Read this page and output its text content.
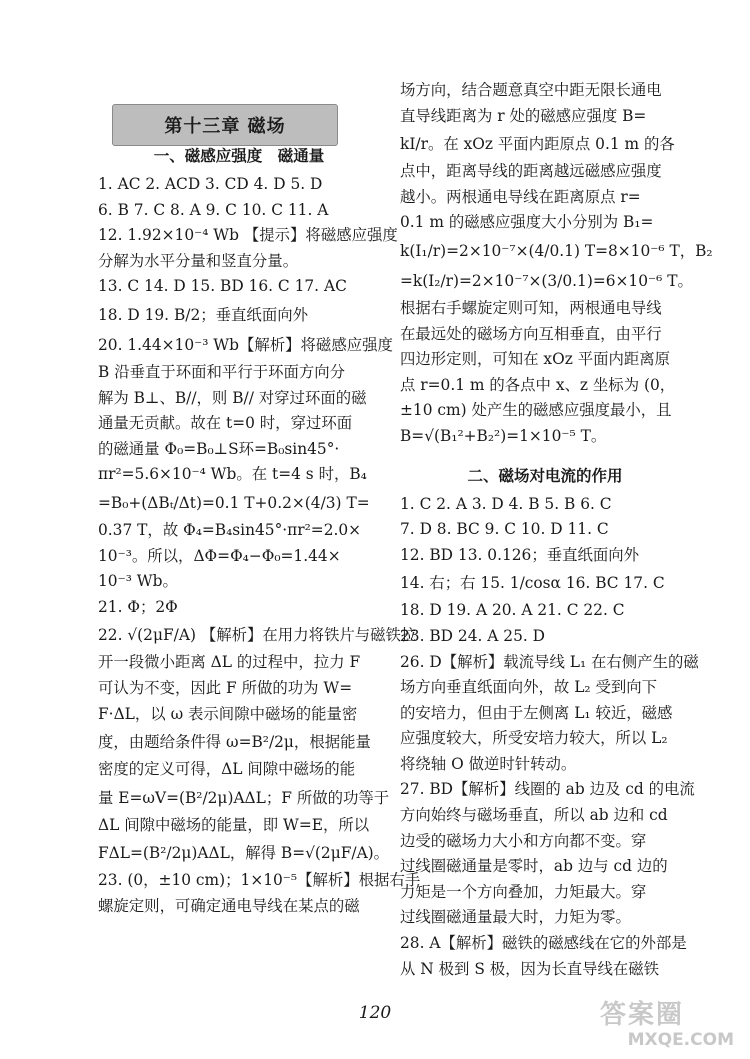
第十三章 磁场
一、磁感应强度　磁通量
1. AC 2. ACD 3. CD 4. D 5. D
6. B 7. C 8. A 9. C 10. C 11. A
12. 1.92×10⁻⁴ Wb 【提示】将磁感应强度
分解为水平分量和竖直分量。
13. C 14. D 15. BD 16. C 17. AC
18. D 19. B/2；垂直纸面向外
20. 1.44×10⁻³ Wb【解析】将磁感应强度
B 沿垂直于环面和平行于环面方向分
解为 B⊥、B//，则 B// 对穿过环面的磁
通量无贡献。故在 t=0 时，穿过环面
的磁通量 Φ₀=B₀⊥S环=B₀sin45°·
πr²=5.6×10⁻⁴ Wb。在 t=4 s 时，B₄
=B₀+(ΔBₜ/Δt)=0.1 T+0.2×(4/3) T=
0.37 T，故 Φ₄=B₄sin45°·πr²=2.0×
10⁻³。所以，ΔΦ=Φ₄−Φ₀=1.44×
10⁻³ Wb。
21. Φ；2Φ
22. √(2μF/A) 【解析】在用力将铁片与磁铁拉
开一段微小距离 ΔL 的过程中，拉力 F
可认为不变，因此 F 所做的功为 W=
F·ΔL，以 ω 表示间隙中磁场的能量密
度，由题给条件得 ω=B²/2μ，根据能量
密度的定义可得，ΔL 间隙中磁场的能
量 E=ωV=(B²/2μ)AΔL；F 所做的功等于
ΔL 间隙中磁场的能量，即 W=E，所以
FΔL=(B²/2μ)AΔL，解得 B=√(2μF/A)。
23. (0，±10 cm)；1×10⁻⁵【解析】根据右手
螺旋定则，可确定通电导线在某点的磁
场方向，结合题意真空中距无限长通电
直导线距离为 r 处的磁感应强度 B=
kI/r。在 xOz 平面内距原点 0.1 m 的各
点中，距离导线的距离越远磁感应强度
越小。两根通电导线在距离原点 r=
0.1 m 的磁感应强度大小分别为 B₁=
k(I₁/r)=2×10⁻⁷×(4/0.1) T=8×10⁻⁶ T，B₂
=k(I₂/r)=2×10⁻⁷×(3/0.1)=6×10⁻⁶ T。
根据右手螺旋定则可知，两根通电导线
在最远处的磁场方向互相垂直，由平行
四边形定则，可知在 xOz 平面内距离原
点 r=0.1 m 的各点中 x、z 坐标为 (0，
±10 cm) 处产生的磁感应强度最小，且
B=√(B₁²+B₂²)=1×10⁻⁵ T。
二、磁场对电流的作用
1. C 2. A 3. D 4. B 5. B 6. C
7. D 8. BC 9. C 10. D 11. C
12. BD 13. 0.126；垂直纸面向外
14. 右；右 15. 1/cosα 16. BC 17. C
18. D 19. A 20. A 21. C 22. C
23. BD 24. A 25. D
26. D【解析】载流导线 L₁ 在右侧产生的磁
场方向垂直纸面向外，故 L₂ 受到向下
的安培力，但由于左侧离 L₁ 较近，磁感
应强度较大，所受安培力较大，所以 L₂
将绕轴 O 做逆时针转动。
27. BD【解析】线圈的 ab 边及 cd 的电流
方向始终与磁场垂直，所以 ab 边和 cd
边受的磁场力大小和方向都不变。穿
过线圈磁通量是零时，ab 边与 cd 边的
力矩是一个方向叠加，力矩最大。穿
过线圈磁通量最大时，力矩为零。
28. A【解析】磁铁的磁感线在它的外部是
从 N 极到 S 极，因为长直导线在磁铁
120	答案圈
MXQE.COM
